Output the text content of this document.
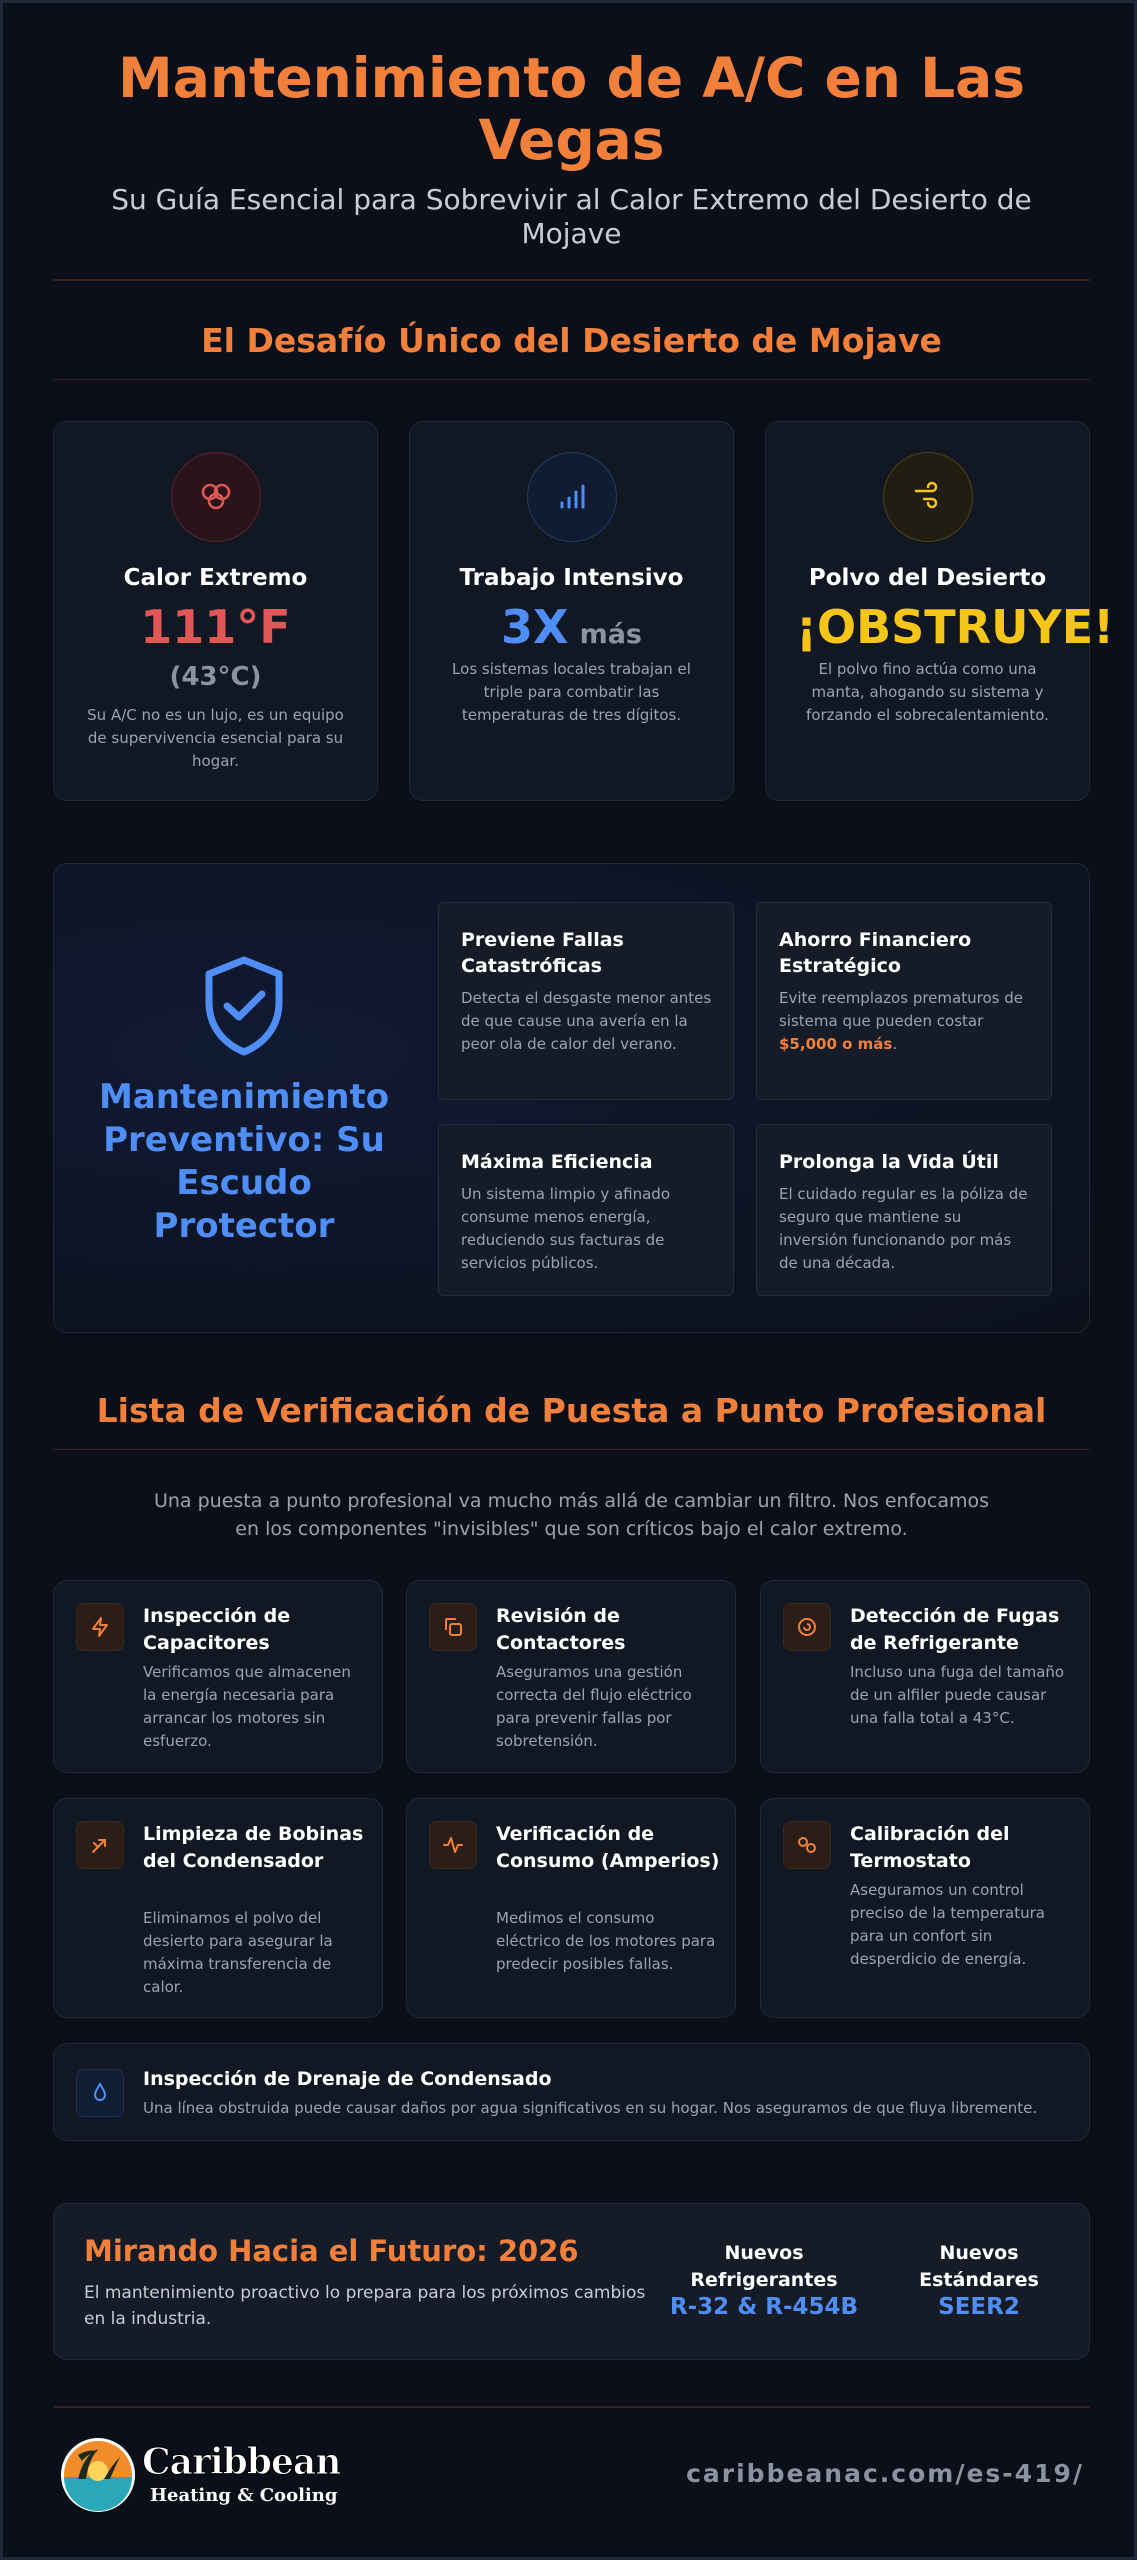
Mantenimiento de A/C en Las Vegas
Su Guía Esencial para Sobrevivir al Calor Extremo del Desierto de Mojave
El Desafío Único del Desierto de Mojave
Calor Extremo
111°F
(43°C)
Su A/C no es un lujo, es un equipo de supervivencia esencial para su hogar.
Trabajo Intensivo
3X más
Los sistemas locales trabajan el triple para combatir las temperaturas de tres dígitos.
Polvo del Desierto
¡OBSTRUYE!
El polvo fino actúa como una manta, ahogando su sistema y forzando el sobrecalentamiento.
Mantenimiento Preventivo: Su Escudo Protector
Previene Fallas Catastróficas
Detecta el desgaste menor antes de que cause una avería en la peor ola de calor del verano.
Ahorro Financiero Estratégico
Evite reemplazos prematuros de sistema que pueden costar $5,000 o más.
Máxima Eficiencia
Un sistema limpio y afinado consume menos energía, reduciendo sus facturas de servicios públicos.
Prolonga la Vida Útil
El cuidado regular es la póliza de seguro que mantiene su inversión funcionando por más de una década.
Lista de Verificación de Puesta a Punto Profesional
Una puesta a punto profesional va mucho más allá de cambiar un filtro. Nos enfocamos en los componentes "invisibles" que son críticos bajo el calor extremo.
Inspección de Capacitores
Verificamos que almacenen la energía necesaria para arrancar los motores sin esfuerzo.
Revisión de Contactores
Aseguramos una gestión correcta del flujo eléctrico para prevenir fallas por sobretensión.
Detección de Fugas de Refrigerante
Incluso una fuga del tamaño de un alfiler puede causar una falla total a 43°C.
Limpieza de Bobinas del Condensador
Eliminamos el polvo del desierto para asegurar la máxima transferencia de calor.
Verificación de Consumo (Amperios)
Medimos el consumo eléctrico de los motores para predecir posibles fallas.
Calibración del Termostato
Aseguramos un control preciso de la temperatura para un confort sin desperdicio de energía.
Inspección de Drenaje de Condensado
Una línea obstruida puede causar daños por agua significativos en su hogar. Nos aseguramos de que fluya libremente.
Mirando Hacia el Futuro: 2026
El mantenimiento proactivo lo prepara para los próximos cambios en la industria.
Nuevos Refrigerantes
R-32 & R-454B
Nuevos Estándares
SEER2
Caribbean
Heating & Cooling
caribbeanac.com/es-419/
